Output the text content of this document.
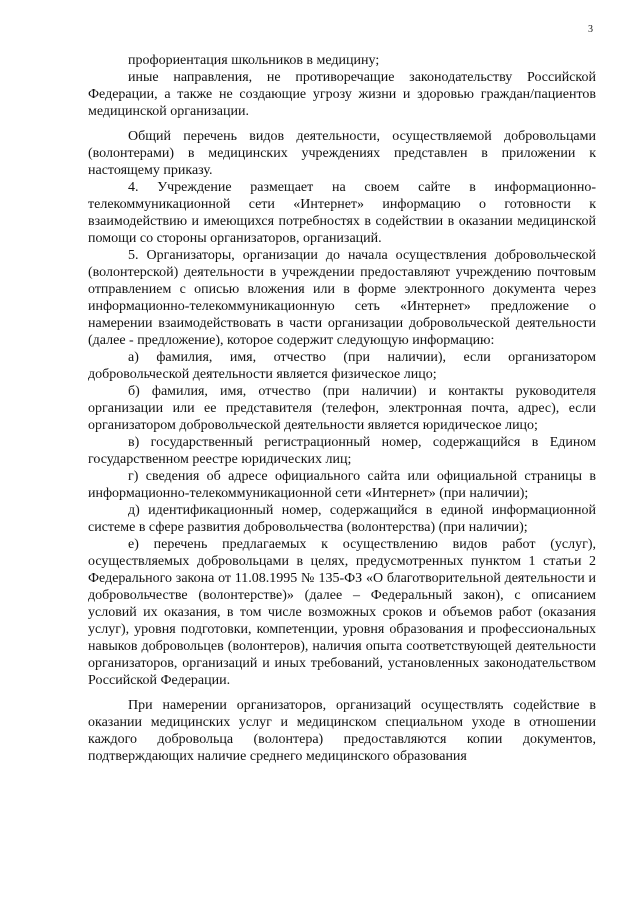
3

профориентация школьников в медицину;

иные направления, не противоречащие законодательству Российской Федерации, а также не создающие угрозу жизни и здоровью граждан/пациентов медицинской организации.

Общий перечень видов деятельности, осуществляемой добровольцами (волонтерами) в медицинских учреждениях представлен в приложении к настоящему приказу.

4. Учреждение размещает на своем сайте в информационно-телекоммуникационной сети «Интернет» информацию о готовности к взаимодействию и имеющихся потребностях в содействии в оказании медицинской помощи со стороны организаторов, организаций.

5. Организаторы, организации до начала осуществления добровольческой (волонтерской) деятельности в учреждении предоставляют учреждению почтовым отправлением с описью вложения или в форме электронного документа через информационно-телекоммуникационную сеть «Интернет» предложение о намерении взаимодействовать в части организации добровольческой деятельности (далее - предложение), которое содержит следующую информацию:

а) фамилия, имя, отчество (при наличии), если организатором добровольческой деятельности является физическое лицо;

б) фамилия, имя, отчество (при наличии) и контакты руководителя организации или ее представителя (телефон, электронная почта, адрес), если организатором добровольческой деятельности является юридическое лицо;

в) государственный регистрационный номер, содержащийся в Едином государственном реестре юридических лиц;

г) сведения об адресе официального сайта или официальной страницы в информационно-телекоммуникационной сети «Интернет» (при наличии);

д) идентификационный номер, содержащийся в единой информационной системе в сфере развития добровольчества (волонтерства) (при наличии);

е) перечень предлагаемых к осуществлению видов работ (услуг), осуществляемых добровольцами в целях, предусмотренных пунктом 1 статьи 2 Федерального закона от 11.08.1995 № 135-ФЗ «О благотворительной деятельности и добровольчестве (волонтерстве)» (далее – Федеральный закон), с описанием условий их оказания, в том числе возможных сроков и объемов работ (оказания услуг), уровня подготовки, компетенции, уровня образования и профессиональных навыков добровольцев (волонтеров), наличия опыта соответствующей деятельности организаторов, организаций и иных требований, установленных законодательством Российской Федерации.

При намерении организаторов, организаций осуществлять содействие в оказании медицинских услуг и медицинском специальном уходе в отношении каждого добровольца (волонтера) предоставляются копии документов, подтверждающих наличие среднего медицинского образования
